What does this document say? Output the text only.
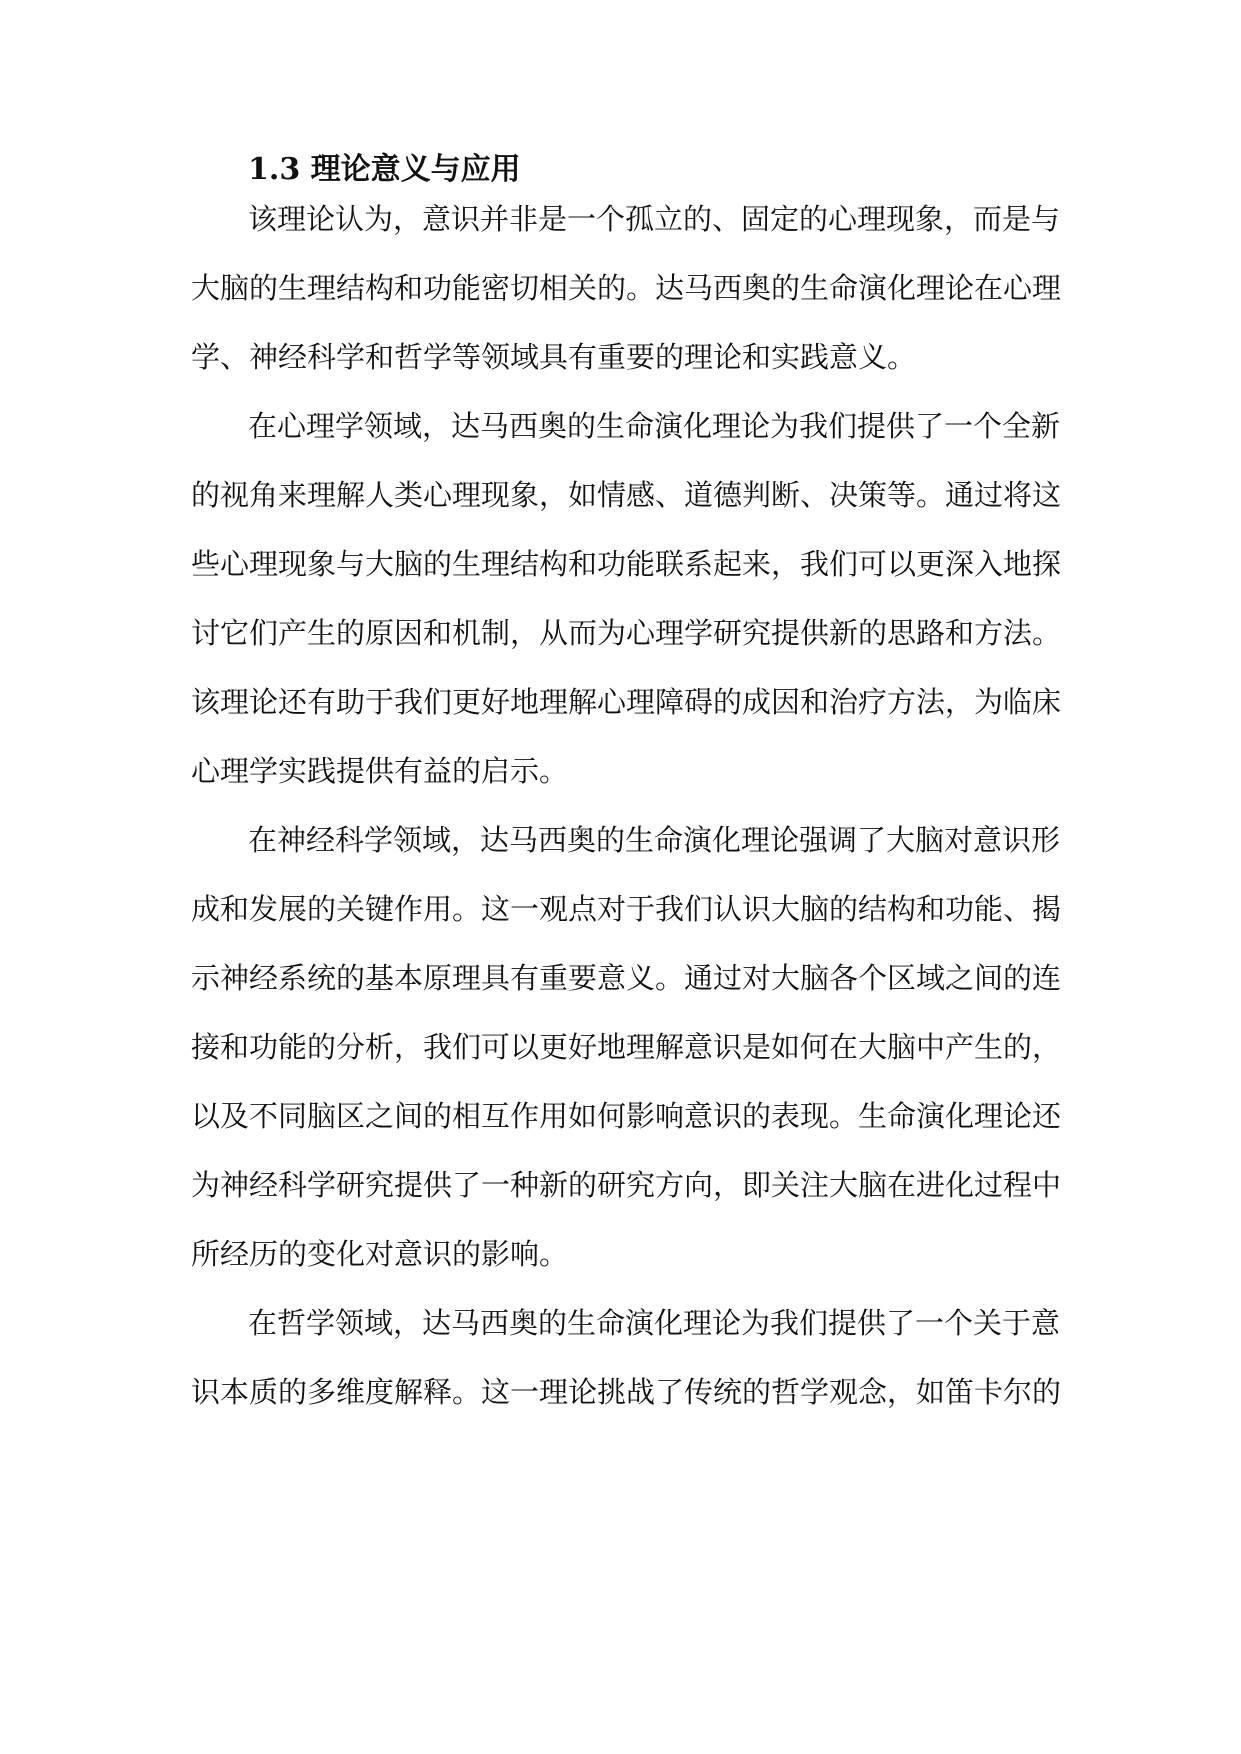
1.3 理论意义与应用

该理论认为，意识并非是一个孤立的、固定的心理现象，而是与

大脑的生理结构和功能密切相关的。达马西奥的生命演化理论在心理

学、神经科学和哲学等领域具有重要的理论和实践意义。

在心理学领域，达马西奥的生命演化理论为我们提供了一个全新

的视角来理解人类心理现象，如情感、道德判断、决策等。通过将这

些心理现象与大脑的生理结构和功能联系起来，我们可以更深入地探

讨它们产生的原因和机制，从而为心理学研究提供新的思路和方法。

该理论还有助于我们更好地理解心理障碍的成因和治疗方法，为临床

心理学实践提供有益的启示。

在神经科学领域，达马西奥的生命演化理论强调了大脑对意识形

成和发展的关键作用。这一观点对于我们认识大脑的结构和功能、揭

示神经系统的基本原理具有重要意义。通过对大脑各个区域之间的连

接和功能的分析，我们可以更好地理解意识是如何在大脑中产生的，

以及不同脑区之间的相互作用如何影响意识的表现。生命演化理论还

为神经科学研究提供了一种新的研究方向，即关注大脑在进化过程中

所经历的变化对意识的影响。

在哲学领域，达马西奥的生命演化理论为我们提供了一个关于意

识本质的多维度解释。这一理论挑战了传统的哲学观念，如笛卡尔的
